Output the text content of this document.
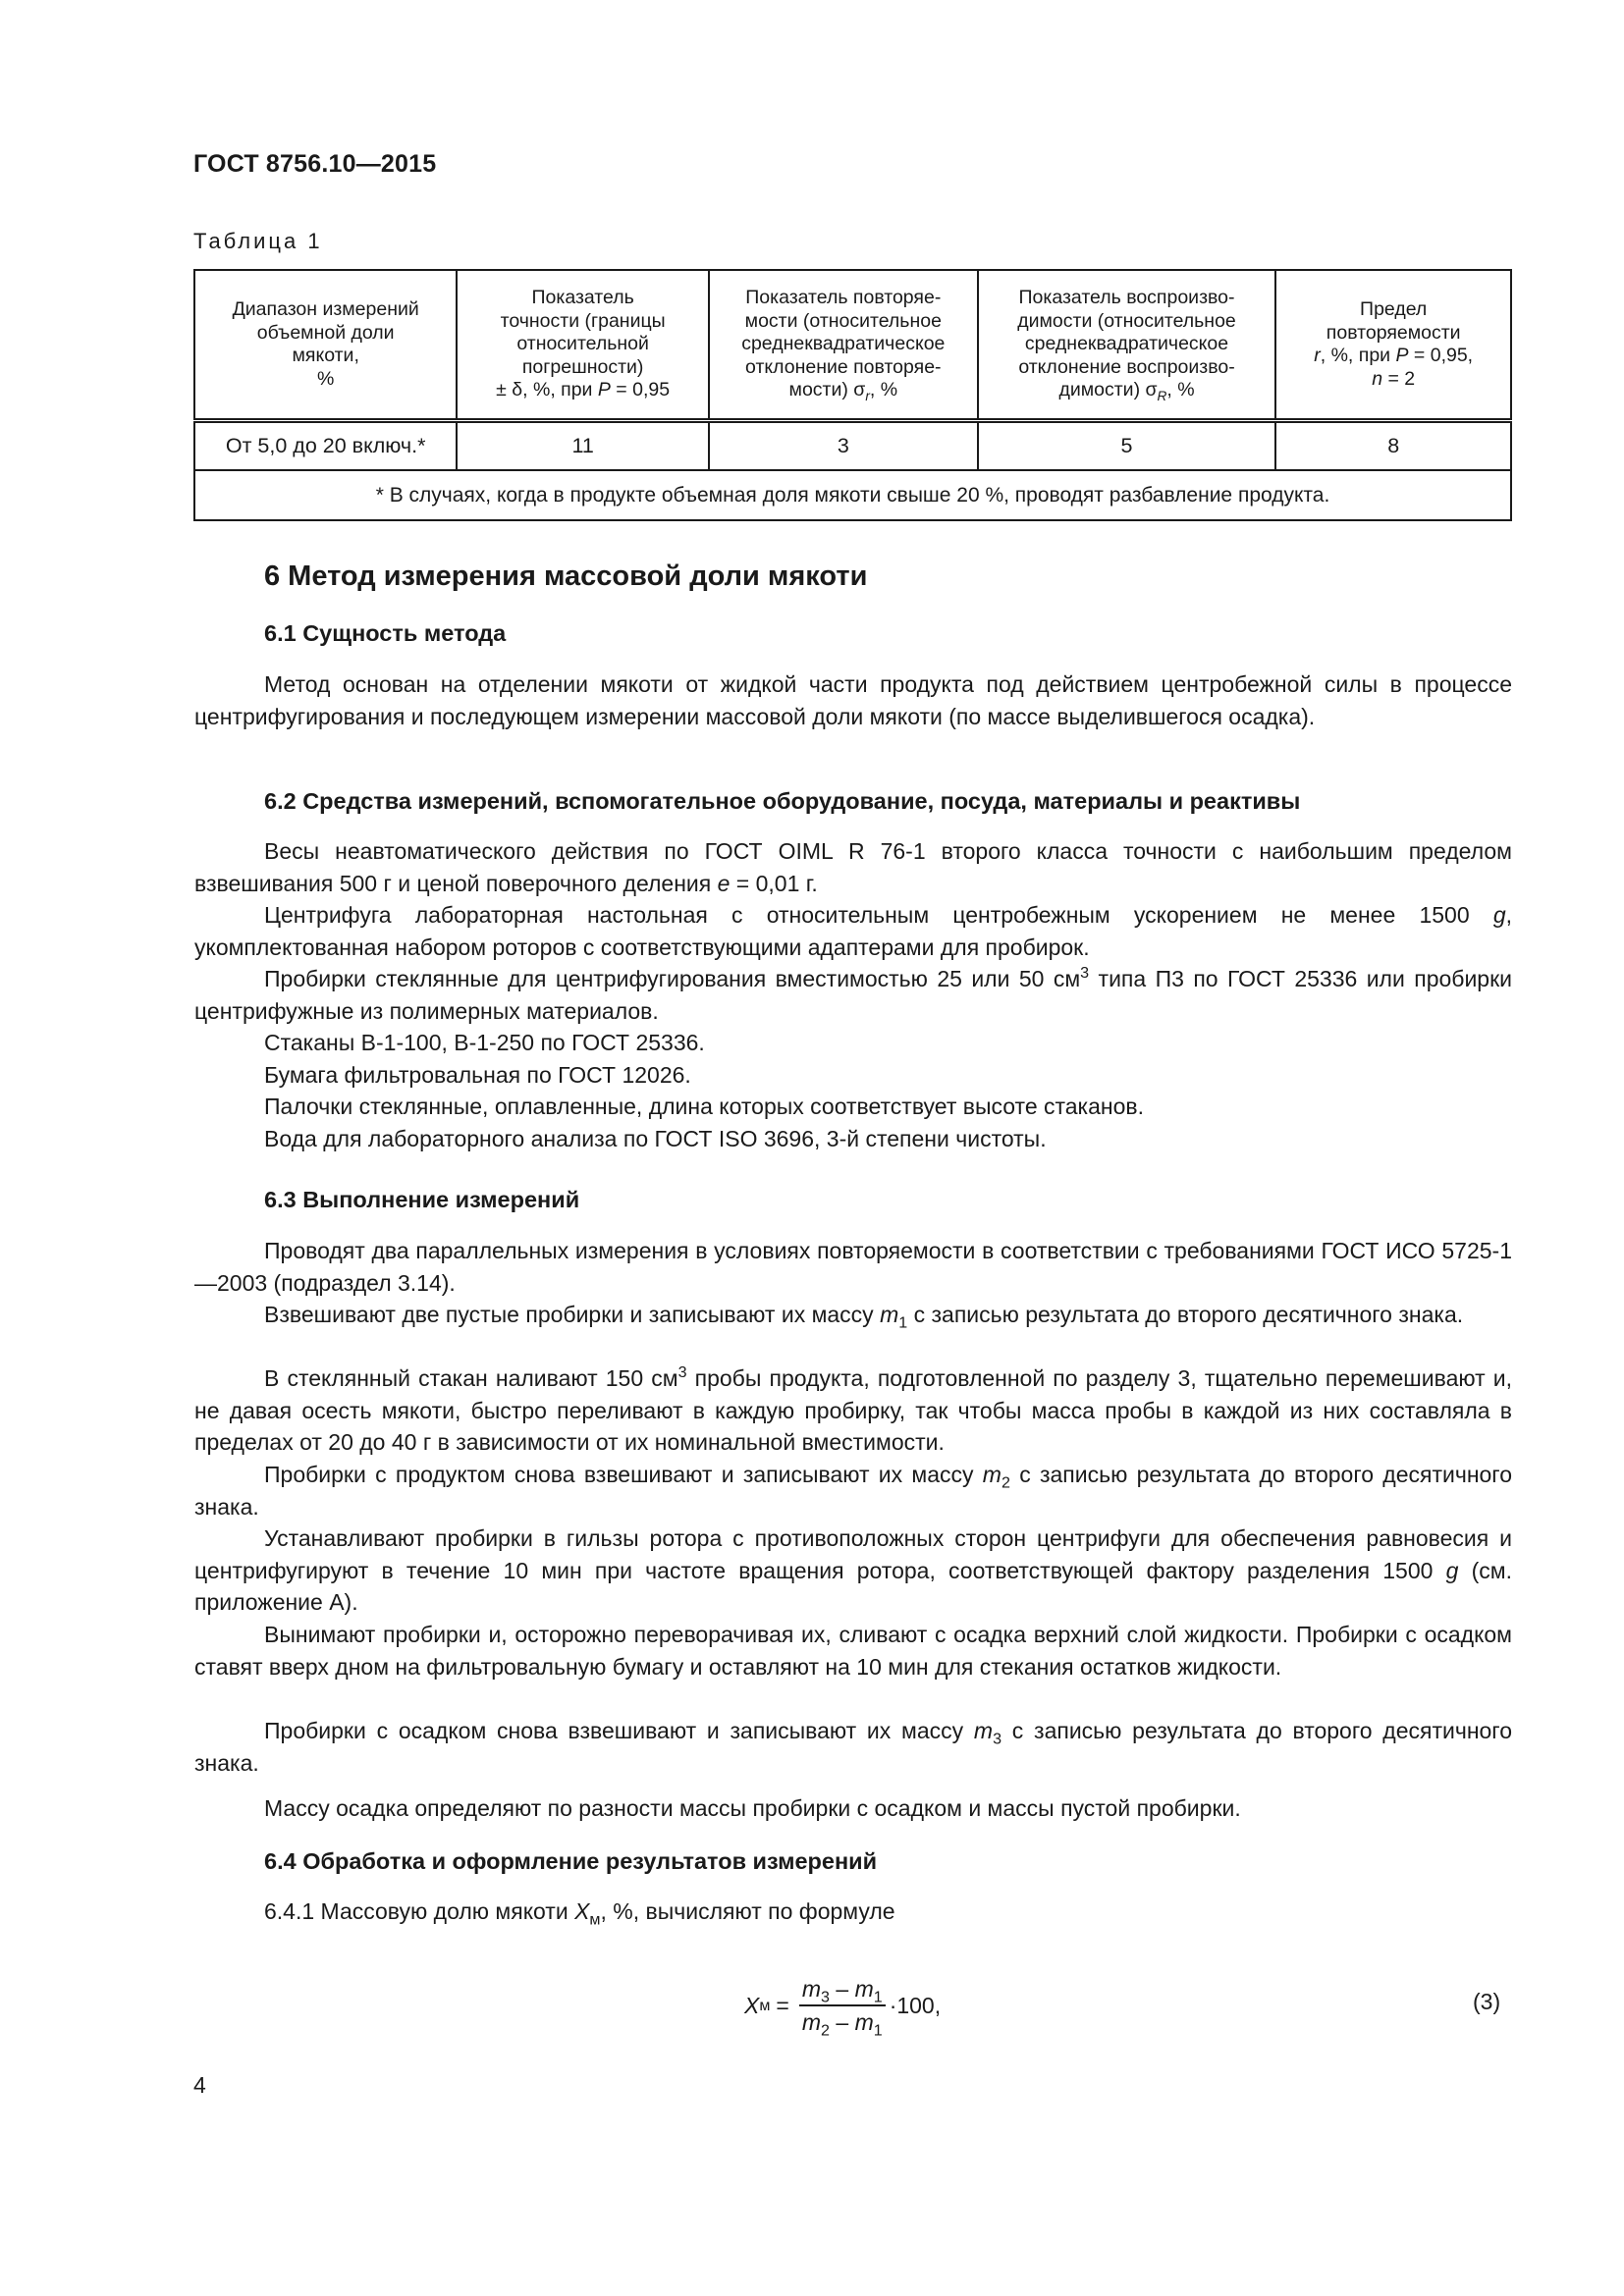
ГОСТ 8756.10—2015
Таблица 1
Диапазон измерений
объемной доли
мякоти,
%	Показатель
точности (границы
относительной
погрешности)
± δ, %, при P = 0,95	Показатель повторяе-
мости (относительное
среднеквадратическое
отклонение повторяе-
мости) $\sigma_r$, %	Показатель воспроизво-
димости (относительное
среднеквадратическое
отклонение воспроизво-
димости) $\sigma_R$, %	Предел
повторяемости
r, %, при P = 0,95,
n = 2
От 5,0 до 20 включ.*	11	3	5	8
* В случаях, когда в продукте объемная доля мякоти свыше 20 %, проводят разбавление продукта.				
6 Метод измерения массовой доли мякоти
6.1 Сущность метода

Метод основан на отделении мякоти от жидкой части продукта под действием центробежной силы в процессе центрифугирования и последующем измерении массовой доли мякоти (по массе выделившегося осадка).

6.2 Средства измерений, вспомогательное оборудование, посуда, материалы и реактивы

Весы неавтоматического действия по ГОСТ OIML R 76-1 второго класса точности с наибольшим пределом взвешивания 500 г и ценой поверочного деления e = 0,01 г.

Центрифуга лабораторная настольная с относительным центробежным ускорением не менее 1500 g, укомплектованная набором роторов с соответствующими адаптерами для пробирок.

Пробирки стеклянные для центрифугирования вместимостью 25 или 50 $см^3$ типа П3 по ГОСТ 25336 или пробирки центрифужные из полимерных материалов.

Стаканы В-1-100, В-1-250 по ГОСТ 25336.

Бумага фильтровальная по ГОСТ 12026.

Палочки стеклянные, оплавленные, длина которых соответствует высоте стаканов.

Вода для лабораторного анализа по ГОСТ ISO 3696, 3-й степени чистоты.

6.3 Выполнение измерений

Проводят два параллельных измерения в условиях повторяемости в соответствии с требованиями ГОСТ ИСО 5725-1—2003 (подраздел 3.14).

Взвешивают две пустые пробирки и записывают их массу $m_1$ с записью результата до второго десятичного знака.

В стеклянный стакан наливают 150 $см^3$ пробы продукта, подготовленной по разделу 3, тщательно перемешивают и, не давая осесть мякоти, быстро переливают в каждую пробирку, так чтобы масса пробы в каждой из них составляла в пределах от 20 до 40 г в зависимости от их номинальной вместимости.

Пробирки с продуктом снова взвешивают и записывают их массу $m_2$ с записью результата до второго десятичного знака.

Устанавливают пробирки в гильзы ротора с противоположных сторон центрифуги для обеспечения равновесия и центрифугируют в течение 10 мин при частоте вращения ротора, соответствующей фактору разделения 1500 g (см. приложение А).

Вынимают пробирки и, осторожно переворачивая их, сливают с осадка верхний слой жидкости. Пробирки с осадком ставят вверх дном на фильтровальную бумагу и оставляют на 10 мин для стекания остатков жидкости.

Пробирки с осадком снова взвешивают и записывают их массу $m_3$ с записью результата до второго десятичного знака.

Массу осадка определяют по разности массы пробирки с осадком и массы пустой пробирки.

6.4 Обработка и оформление результатов измерений

6.4.1 Массовую долю мякоти $X_м$, %, вычисляют по формуле

X $м = \frac{m_3 - m_1}{m_2 - m_1} \cdot 100$,	(3)
4
